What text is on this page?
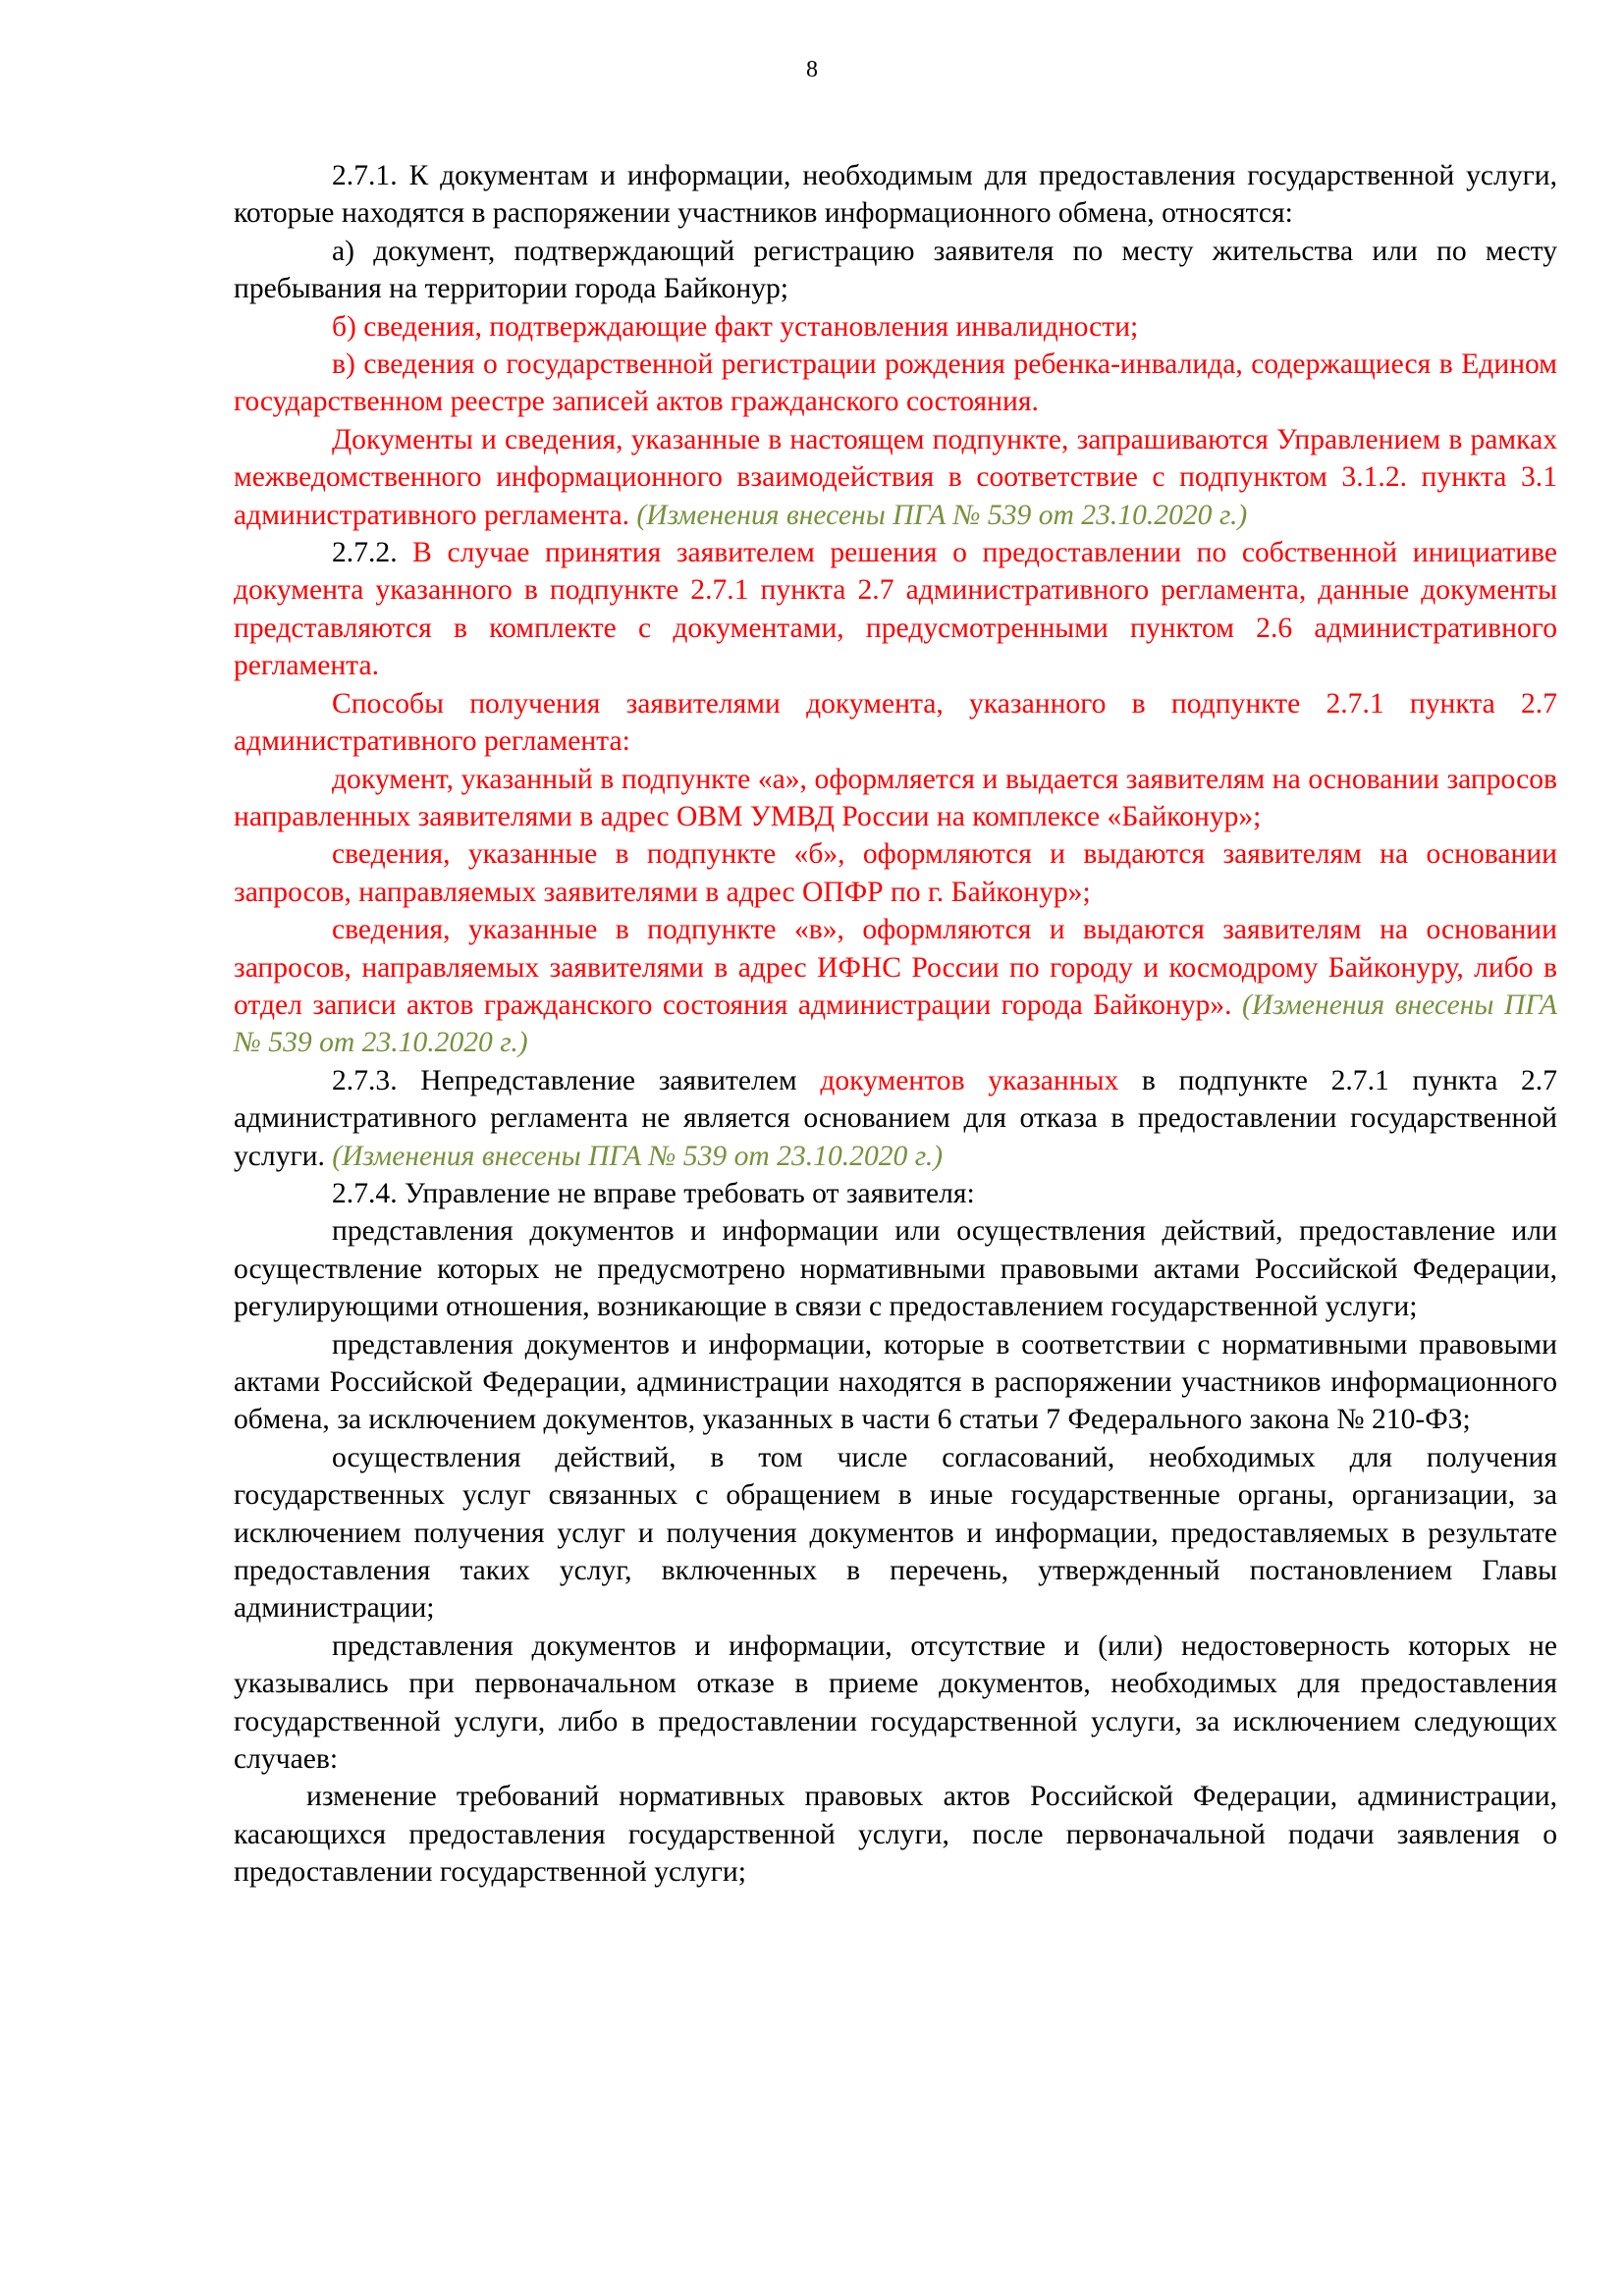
8

2.7.1. К документам и информации, необходимым для предоставления государственной услуги, которые находятся в распоряжении участников информационного обмена, относятся:

а) документ, подтверждающий регистрацию заявителя по месту жительства или по месту пребывания на территории города Байконур;

б) сведения, подтверждающие факт установления инвалидности;

в) сведения о государственной регистрации рождения ребенка-инвалида, содержащиеся в Едином государственном реестре записей актов гражданского состояния.

Документы и сведения, указанные в настоящем подпункте, запрашиваются Управлением в рамках межведомственного информационного взаимодействия в соответствие с подпунктом 3.1.2. пункта 3.1 административного регламента. (Изменения внесены ПГА № 539 от 23.10.2020 г.)

2.7.2. В случае принятия заявителем решения о предоставлении по собственной инициативе документа указанного в подпункте 2.7.1 пункта 2.7 административного регламента, данные документы представляются в комплекте с документами, предусмотренными пунктом 2.6 административного регламента.

Способы получения заявителями документа, указанного в подпункте 2.7.1 пункта 2.7 административного регламента:

документ, указанный в подпункте «а», оформляется и выдается заявителям на основании запросов направленных заявителями в адрес ОВМ УМВД России на комплексе «Байконур»;

сведения, указанные в подпункте «б», оформляются и выдаются заявителям на основании запросов, направляемых заявителями в адрес ОПФР по г. Байконур»;

сведения, указанные в подпункте «в», оформляются и выдаются заявителям на основании запросов, направляемых заявителями в адрес ИФНС России по городу и космодрому Байконуру, либо в отдел записи актов гражданского состояния администрации города Байконур». (Изменения внесены ПГА № 539 от 23.10.2020 г.)

2.7.3. Непредставление заявителем документов указанных в подпункте 2.7.1 пункта 2.7 административного регламента не является основанием для отказа в предоставлении государственной услуги. (Изменения внесены ПГА № 539 от 23.10.2020 г.)

2.7.4. Управление не вправе требовать от заявителя:

представления документов и информации или осуществления действий, предоставление или осуществление которых не предусмотрено нормативными правовыми актами Российской Федерации, регулирующими отношения, возникающие в связи с предоставлением государственной услуги;

представления документов и информации, которые в соответствии с нормативными правовыми актами Российской Федерации, администрации находятся в распоряжении участников информационного обмена, за исключением документов, указанных в части 6 статьи 7 Федерального закона № 210-ФЗ;

осуществления действий, в том числе согласований, необходимых для получения государственных услуг связанных с обращением в иные государственные органы, организации, за исключением получения услуг и получения документов и информации, предоставляемых в результате предоставления таких услуг, включенных в перечень, утвержденный постановлением Главы администрации;

представления документов и информации, отсутствие и (или) недостоверность которых не указывались при первоначальном отказе в приеме документов, необходимых для предоставления государственной услуги, либо в предоставлении государственной услуги, за исключением следующих случаев:

изменение требований нормативных правовых актов Российской Федерации, администрации, касающихся предоставления государственной услуги, после первоначальной подачи заявления о предоставлении государственной услуги;
